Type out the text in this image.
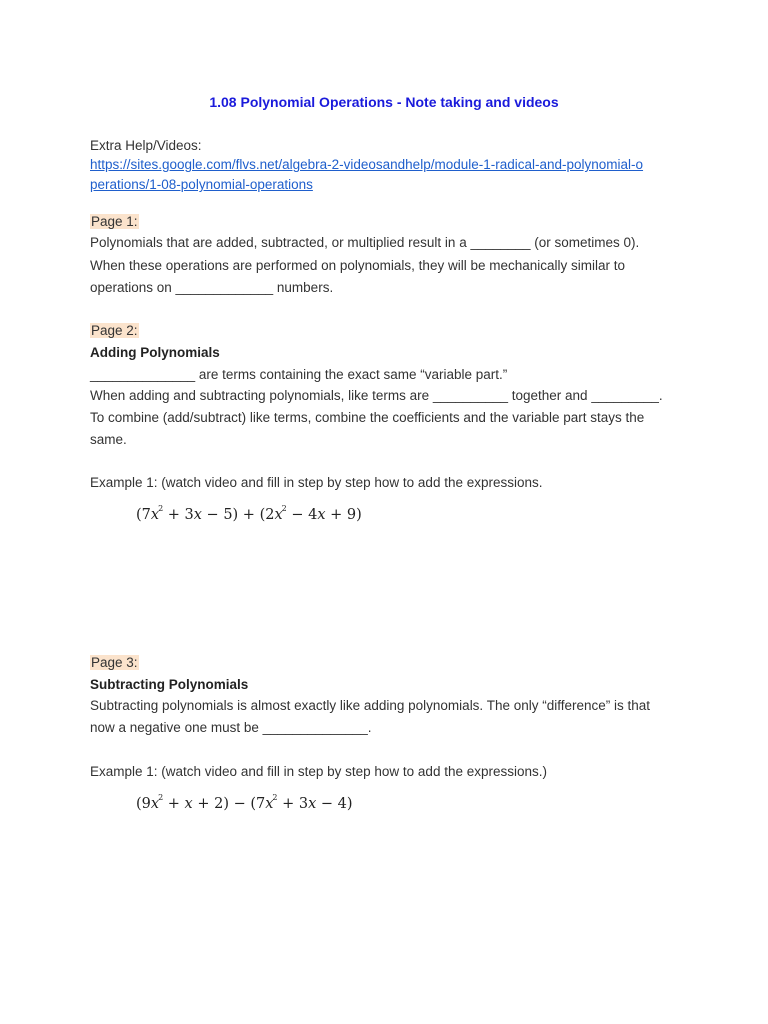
1.08 Polynomial Operations - Note taking and videos
Extra Help/Videos:
https://sites.google.com/flvs.net/algebra-2-videosandhelp/module-1-radical-and-polynomial-o
perations/1-08-polynomial-operations
Page 1:
Polynomials that are added, subtracted, or multiplied result in a ________ (or sometimes 0).
When these operations are performed on polynomials, they will be mechanically similar to
operations on _____________ numbers.
Page 2:
Adding Polynomials
______________ are terms containing the exact same “variable part.”
When adding and subtracting polynomials, like terms are __________ together and _________.
To combine (add/subtract) like terms, combine the coefficients and the variable part stays the
same.
Example 1: (watch video and fill in step by step how to add the expressions.
$(7x^2 + 3x - 5) + (2x^2 - 4x + 9)$
Page 3:
Subtracting Polynomials
Subtracting polynomials is almost exactly like adding polynomials. The only “difference” is that
now a negative one must be ______________.
Example 1: (watch video and fill in step by step how to add the expressions.)
$(9x^2 + x + 2) - (7x^2 + 3x - 4)$
